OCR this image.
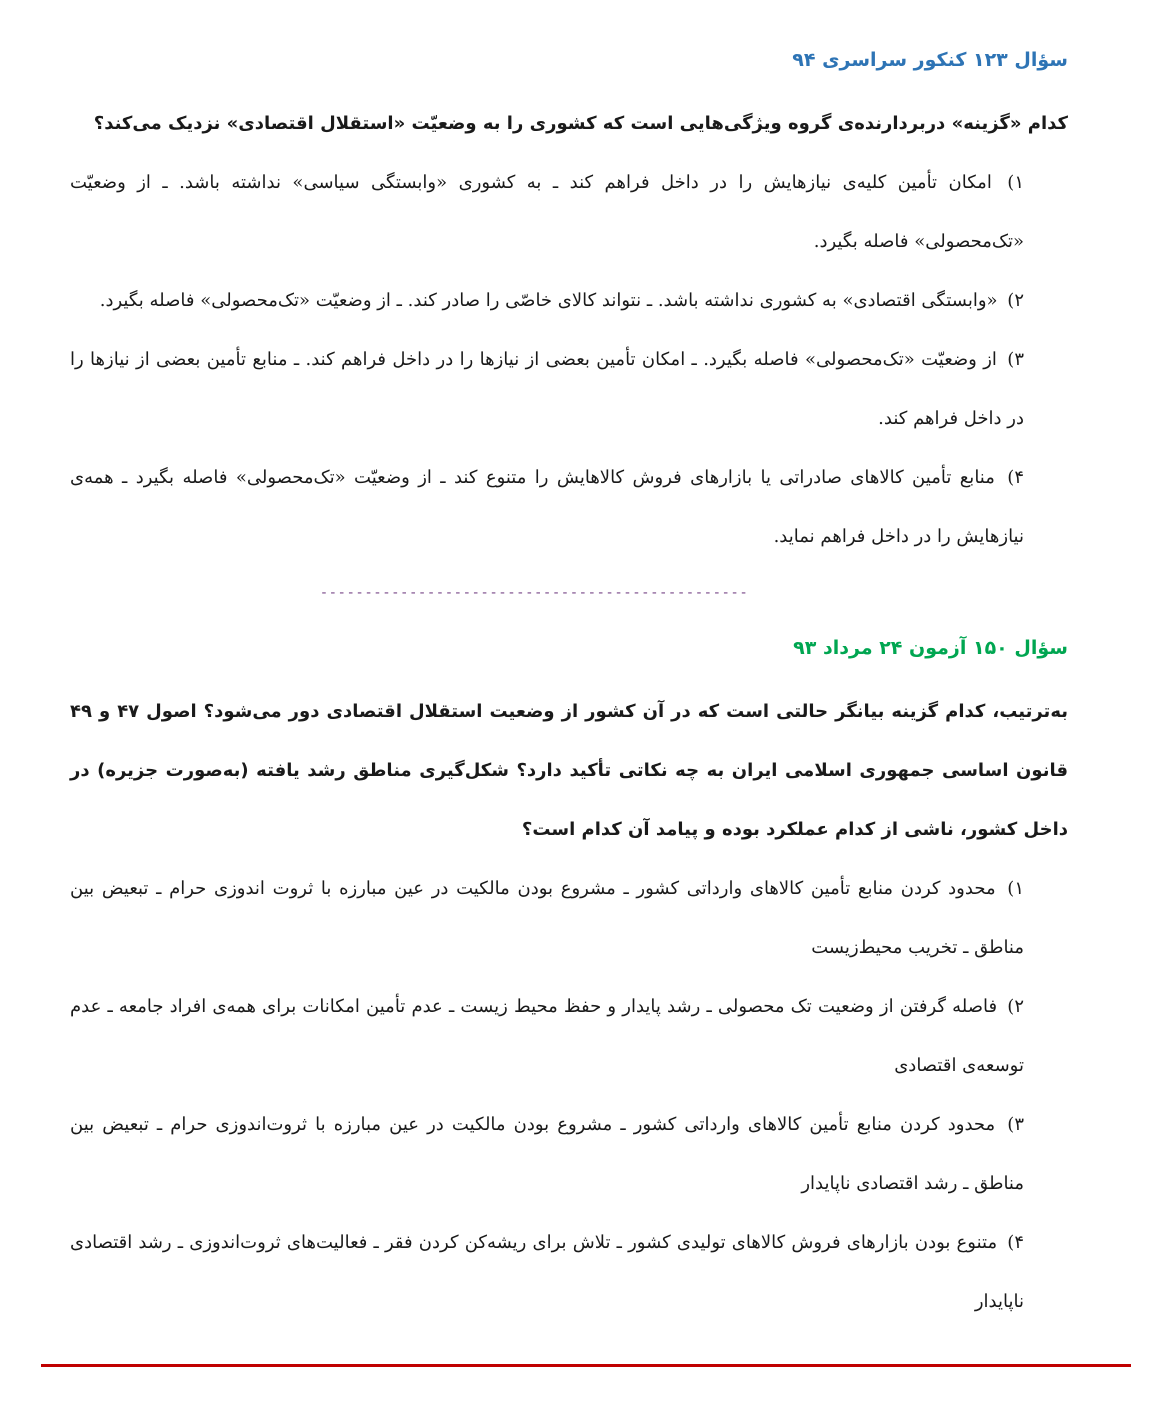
سؤال ۱۲۳ کنکور سراسری ۹۴

کدام «گزینه» دربردارنده‌ی گروه ویژگی‌هایی است که کشوری را به وضعیّت «استقلال اقتصادی» نزدیک می‌کند؟

۱) امکان تأمین کلیه‌ی نیازهایش را در داخل فراهم کند ـ به کشوری «وابستگی سیاسی» نداشته باشد. ـ از وضعیّت «تک‌محصولی» فاصله بگیرد.

۲) «وابستگی اقتصادی» به کشوری نداشته باشد. ـ نتواند کالای خاصّی را صادر کند. ـ از وضعیّت «تک‌محصولی» فاصله بگیرد.

۳) از وضعیّت «تک‌محصولی» فاصله بگیرد. ـ امکان تأمین بعضی از نیازها را در داخل فراهم کند. ـ منابع تأمین بعضی از نیازها را در داخل فراهم کند.

۴) منابع تأمین کالاهای صادراتی یا بازارهای فروش کالاهایش را متنوع کند ـ از وضعیّت «تک‌محصولی» فاصله بگیرد ـ همه‌ی نیازهایش را در داخل فراهم نماید.

------------------------------------------------

سؤال ۱۵۰ آزمون ۲۴ مرداد ۹۳

به‌ترتیب، کدام گزینه بیانگر حالتی است که در آن کشور از وضعیت استقلال اقتصادی دور می‌شود؟ اصول ۴۷ و ۴۹ قانون اساسی جمهوری اسلامی ایران به چه نکاتی تأکید دارد؟ شکل‌گیری مناطق رشد یافته (به‌صورت جزیره) در داخل کشور، ناشی از کدام عملکرد بوده و پیامد آن کدام است؟

۱) محدود کردن منابع تأمین کالاهای وارداتی کشور ـ مشروع بودن مالکیت در عین مبارزه با ثروت اندوزی حرام ـ تبعیض بین مناطق ـ تخریب محیط‌زیست

۲) فاصله گرفتن از وضعیت تک محصولی ـ رشد پایدار و حفظ محیط زیست ـ عدم تأمین امکانات برای همه‌ی افراد جامعه ـ عدم توسعه‌ی اقتصادی

۳) محدود کردن منابع تأمین کالاهای وارداتی کشور ـ مشروع بودن مالکیت در عین مبارزه با ثروت‌اندوزی حرام ـ تبعیض بین مناطق ـ رشد اقتصادی ناپایدار

۴) متنوع بودن بازارهای فروش کالاهای تولیدی کشور ـ تلاش برای ریشه‌کن کردن فقر ـ فعالیت‌های ثروت‌اندوزی ـ رشد اقتصادی ناپایدار
